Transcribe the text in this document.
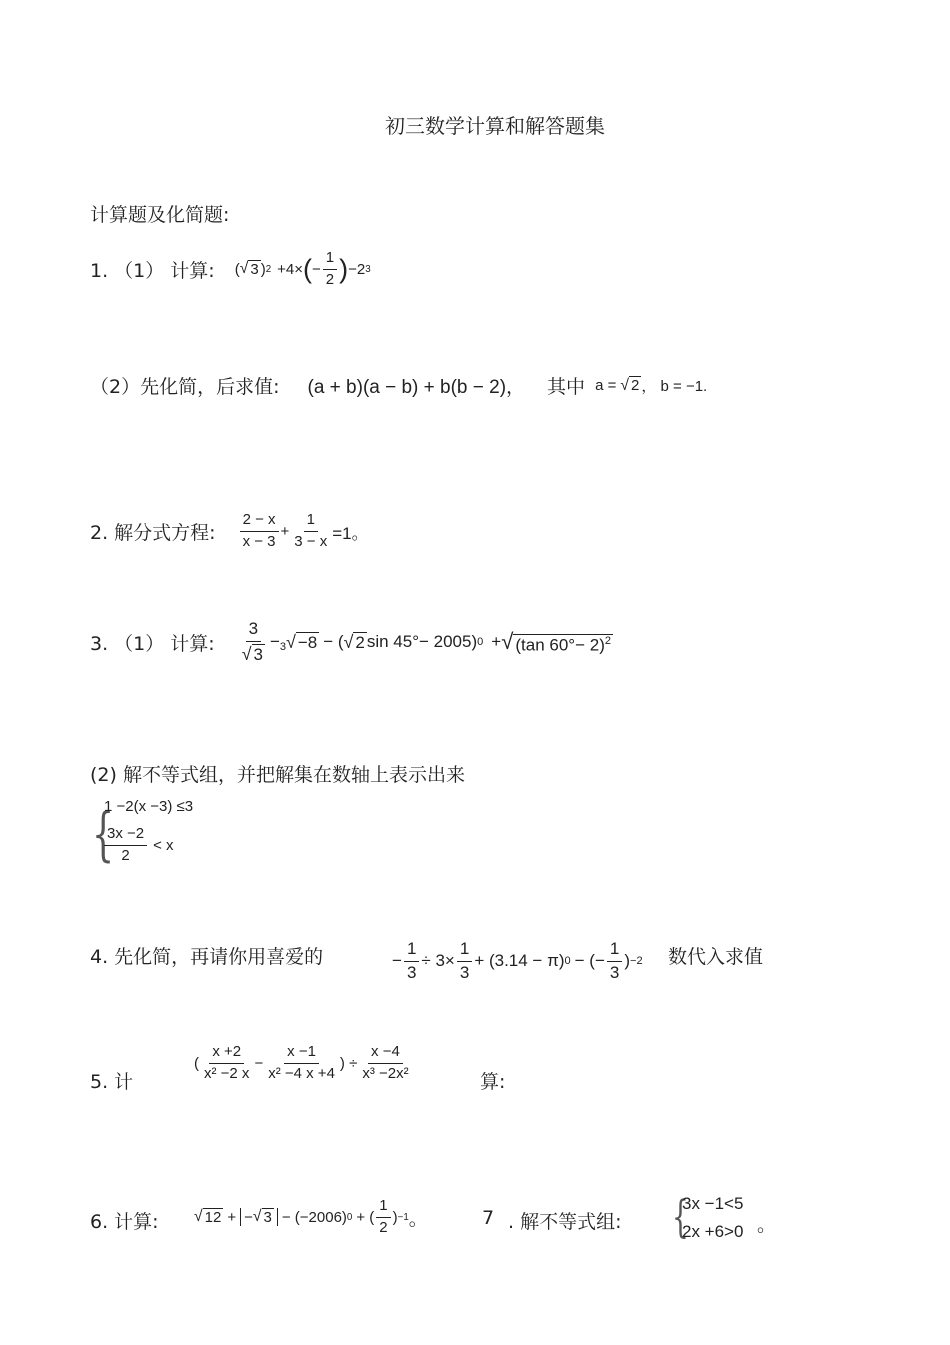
初三数学计算和解答题集
计算题及化简题:
1. （1） 计算: ( √ 3 ) 2 +4× ( − $\frac{1}{2}$ ) −2 3
（2）先化简，后求值: (a + b)(a − b) + b(b − 2)， 其中 a = √ 2 ， b = −1.
2. 解分式方程: $\frac{2 - x}{x - 3} + \frac{1}{3 - x} =1$。
3. （1） 计算: $\frac{3}{√ 3} - 3$ √ −8 − ( √ 2 sin 45°− 2005) 0 + √ (tan 60°− 2)$^2$
(2) 解不等式组，并把解集在数轴上表示出来
{
1 −2(x −3) ≤3
$\frac{3x -2}{2} < x$
4. 先化简，再请你用喜爱的	− $\frac{1}{3} \div 3\times \frac{1}{3} + (3.14 - \pi) 0$ − (− $\frac{1}{3}$ ) −2 数代入求值
5. 计
( $\frac{x +2}{\text{x² −2 x}} - \frac{x -1}{\text{x² −4 x +4}}$ ) ÷ $\frac{x -4}{\text{x³ −2x²}}$	算:
6. 计算: √ 12 + − √ 3 − (−2006) 0 + ( $\frac{1}{2}$ ) −1 。	7 . 解不等式组: {
3x −1<5
2x +6>0 。
